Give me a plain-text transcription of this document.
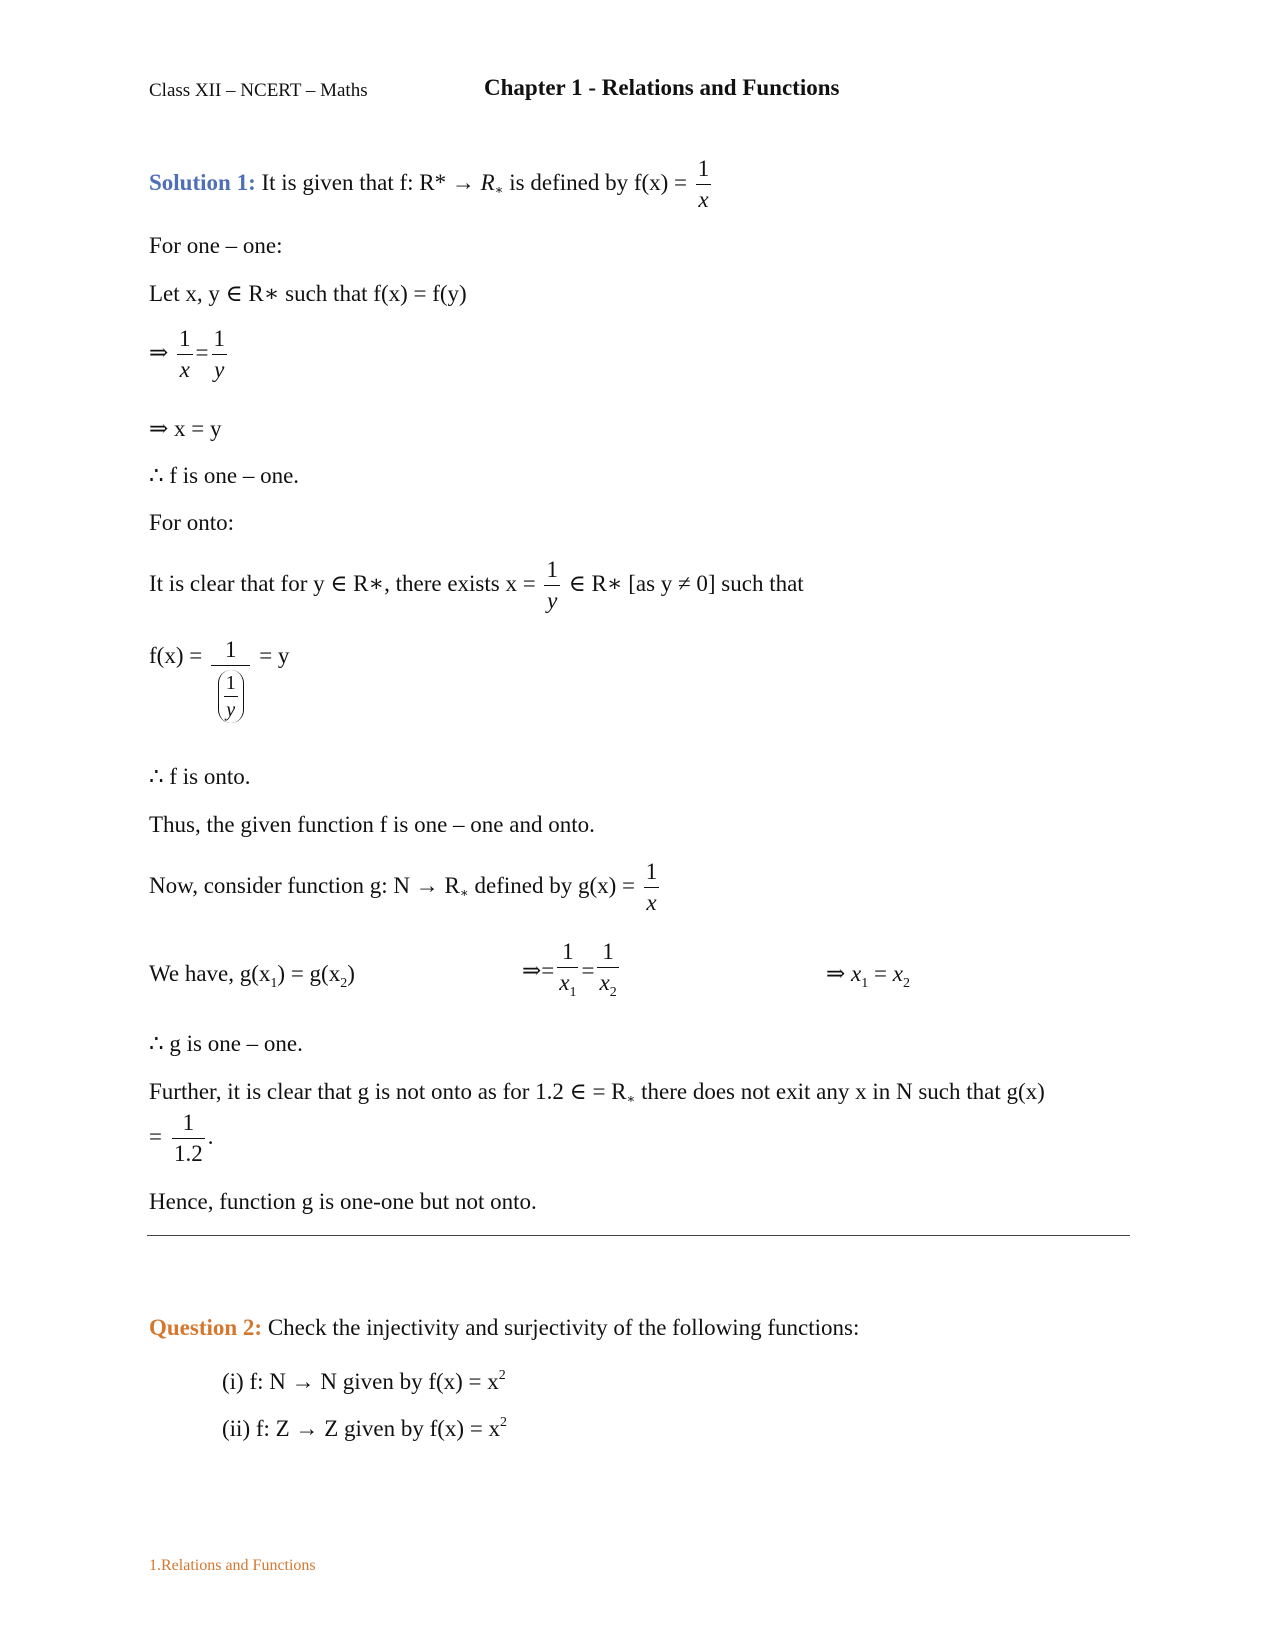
Class XII – NCERT – Maths	Chapter 1 - Relations and Functions
Solution 1: It is given that f: R* → R∗ is defined by $f(x) = \frac{1}{x}$
For one – one:
Let x, y ∈ R∗ such that f(x) = f(y)
⇒ $\frac{1}{x} = \frac{1}{y}$
⇒ x = y
∴ f is one – one.
For onto:
It is clear that for y ∈ R∗, there exists $x = \frac{1}{y}$ ∈ R∗ [as y ≠ 0] such that
$f(x) = \frac{1}{\frac{1}{y}} = y$
∴ f is onto.
Thus, the given function f is one – one and onto.
Now, consider function g: N → R∗ defined by $g(x) = \frac{1}{x}$
We have, $g(x_1) = g(x_2)$	⇒= $\frac{1}{x_1} = \frac{1}{x_2}$	⇒ $x_1 = x_2$
∴ g is one – one.
Further, it is clear that g is not onto as for 1.2 ∈ = R∗ there does not exit any x in N such that g(x)
= $\frac{1}{1.2}$ .
Hence, function g is one-one but not onto.
Question 2: Check the injectivity and surjectivity of the following functions:
(i) f: N → N given by $f(x) = x^2$
(ii) f: Z → Z given by $f(x) = x^2$
1.Relations and Functions
